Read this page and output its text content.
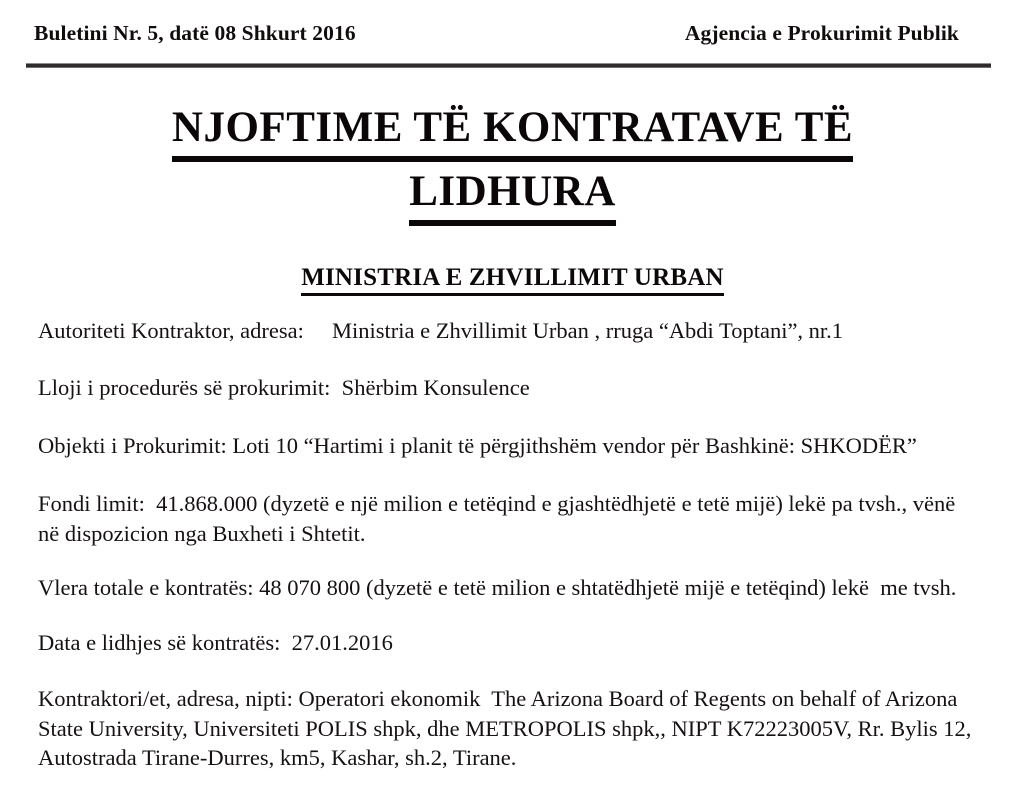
Buletini Nr. 5, datë 08 Shkurt 2016	Agjencia e Prokurimit Publik
NJOFTIME TË KONTRATAVE TË
LIDHURA
MINISTRIA E ZHVILLIMIT URBAN

Autoriteti Kontraktor, adresa:     Ministria e Zhvillimit Urban , rruga “Abdi Toptani”, nr.1

Lloji i procedurës së prokurimit:  Shërbim Konsulence

Objekti i Prokurimit: Loti 10 “Hartimi i planit të përgjithshëm vendor për Bashkinë: SHKODËR”

Fondi limit:  41.868.000 (dyzetë e një milion e tetëqind e gjashtëdhjetë e tetë mijë) lekë pa tvsh., vënë në dispozicion nga Buxheti i Shtetit.

Vlera totale e kontratës: 48 070 800 (dyzetë e tetë milion e shtatëdhjetë mijë e tetëqind) lekë  me tvsh.

Data e lidhjes së kontratës:  27.01.2016

Kontraktori/et, adresa, nipti: Operatori ekonomik  The Arizona Board of Regents on behalf of Arizona State University, Universiteti POLIS shpk, dhe METROPOLIS shpk,, NIPT K72223005V, Rr. Bylis 12, Autostrada Tirane-Durres, km5, Kashar, sh.2, Tirane.
